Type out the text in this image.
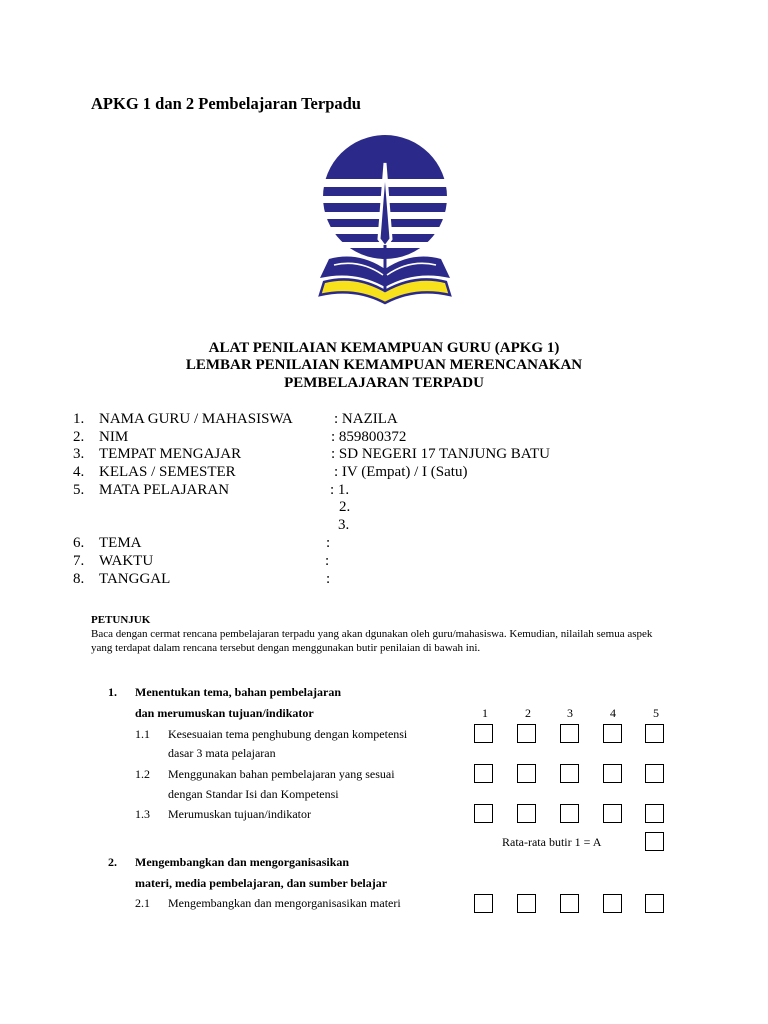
APKG 1 dan 2 Pembelajaran Terpadu
ALAT PENILAIAN KEMAMPUAN GURU (APKG 1)
LEMBAR PENILAIAN KEMAMPUAN MERENCANAKAN
PEMBELAJARAN TERPADU
1. NAMA GURU / MAHASISWA	: NAZILA
2. NIM	: 859800372
3. TEMPAT MENGAJAR	: SD NEGERI 17 TANJUNG BATU
4. KELAS / SEMESTER	: IV (Empat) / I (Satu)
5. MATA PELAJARAN	: 1.
2.
3.
6. TEMA	:
7. WAKTU	:
8. TANGGAL	:
PETUNJUK
Baca dengan cermat rencana pembelajaran terpadu yang akan dgunakan oleh guru/mahasiswa. Kemudian, nilailah semua aspek
yang terdapat dalam rencana tersebut dengan menggunakan butir penilaian di bawah ini.
1. Menentukan tema, bahan pembelajaran
dan merumuskan tujuan/indikator	1	2	3	4	5
1.1 Kesesuaian tema penghubung dengan kompetensi
dasar 3 mata pelajaran
1.2 Menggunakan bahan pembelajaran yang sesuai
dengan Standar Isi dan Kompetensi
1.3 Merumuskan tujuan/indikator
Rata-rata butir 1 = A
2. Mengembangkan dan mengorganisasikan
materi, media pembelajaran, dan sumber belajar
2.1 Mengembangkan dan mengorganisasikan materi
